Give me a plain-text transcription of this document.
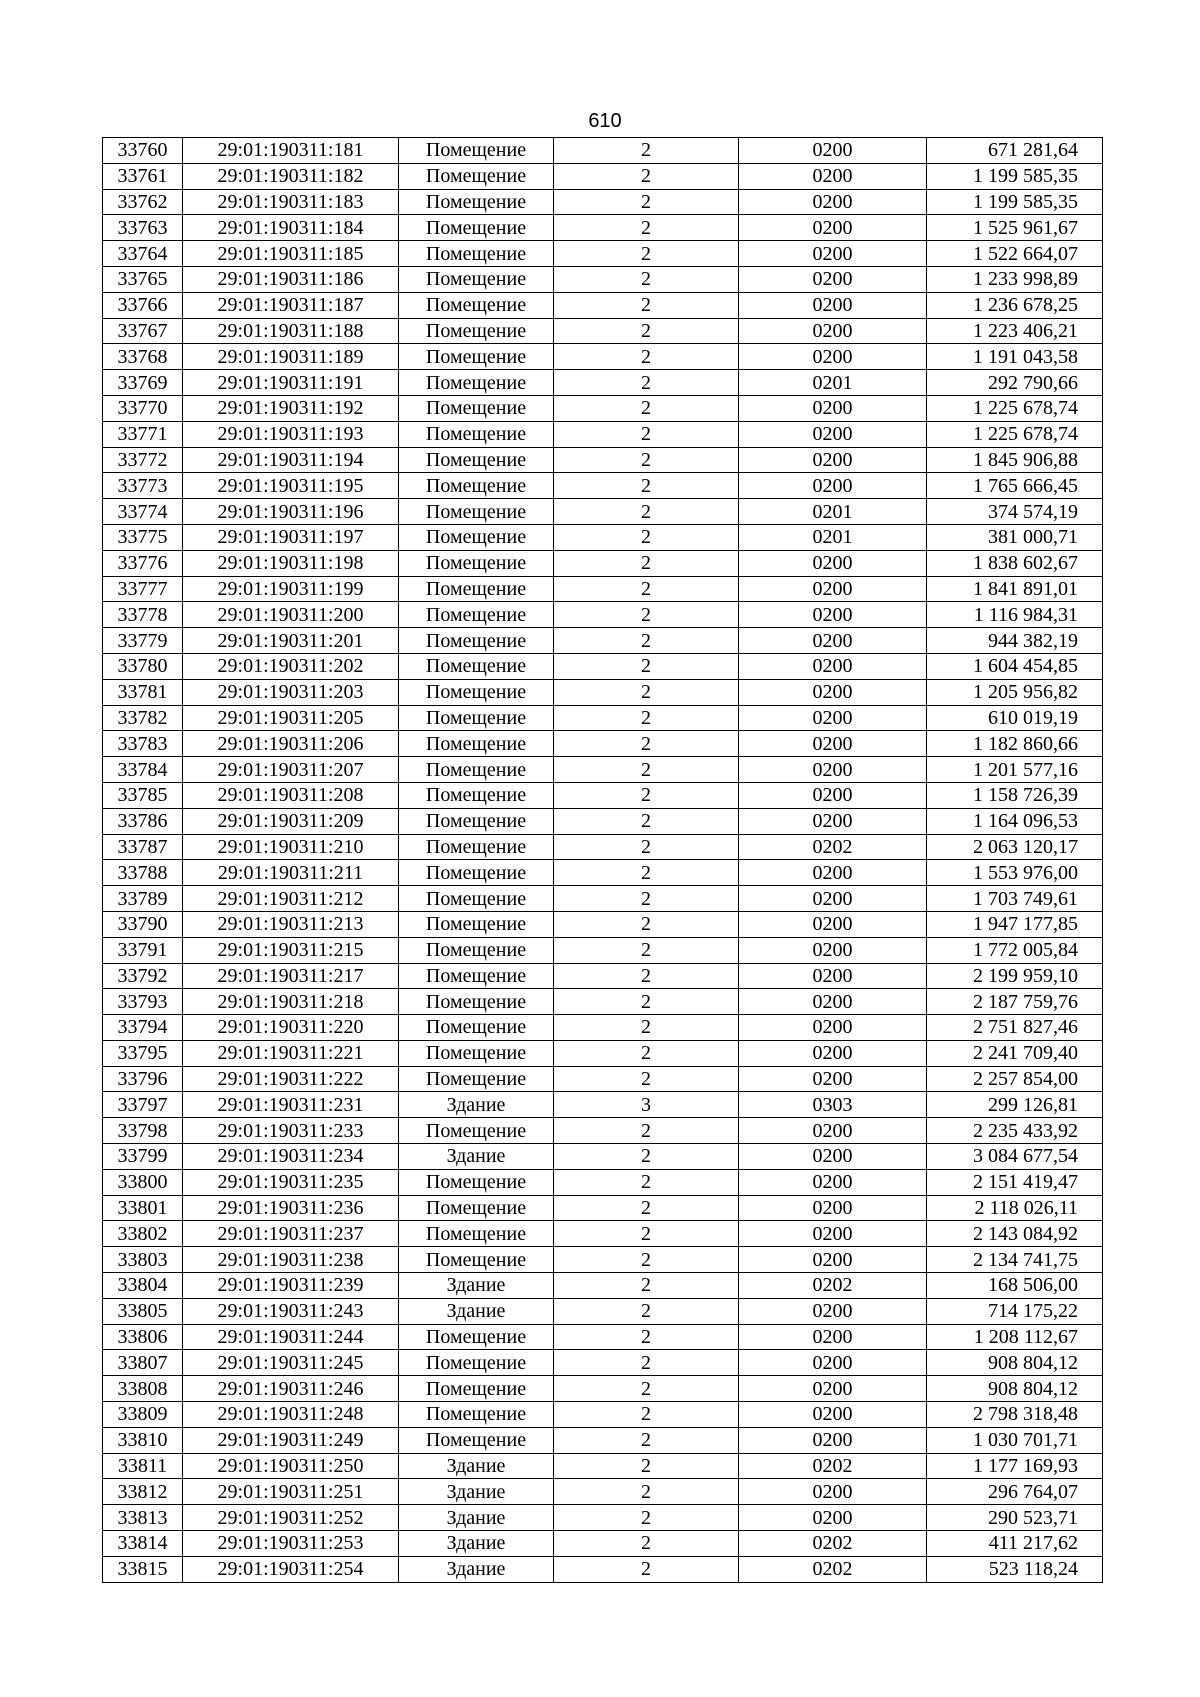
610
33760	29:01:190311:181	Помещение	2	0200	671 281,64
33761	29:01:190311:182	Помещение	2	0200	1 199 585,35
33762	29:01:190311:183	Помещение	2	0200	1 199 585,35
33763	29:01:190311:184	Помещение	2	0200	1 525 961,67
33764	29:01:190311:185	Помещение	2	0200	1 522 664,07
33765	29:01:190311:186	Помещение	2	0200	1 233 998,89
33766	29:01:190311:187	Помещение	2	0200	1 236 678,25
33767	29:01:190311:188	Помещение	2	0200	1 223 406,21
33768	29:01:190311:189	Помещение	2	0200	1 191 043,58
33769	29:01:190311:191	Помещение	2	0201	292 790,66
33770	29:01:190311:192	Помещение	2	0200	1 225 678,74
33771	29:01:190311:193	Помещение	2	0200	1 225 678,74
33772	29:01:190311:194	Помещение	2	0200	1 845 906,88
33773	29:01:190311:195	Помещение	2	0200	1 765 666,45
33774	29:01:190311:196	Помещение	2	0201	374 574,19
33775	29:01:190311:197	Помещение	2	0201	381 000,71
33776	29:01:190311:198	Помещение	2	0200	1 838 602,67
33777	29:01:190311:199	Помещение	2	0200	1 841 891,01
33778	29:01:190311:200	Помещение	2	0200	1 116 984,31
33779	29:01:190311:201	Помещение	2	0200	944 382,19
33780	29:01:190311:202	Помещение	2	0200	1 604 454,85
33781	29:01:190311:203	Помещение	2	0200	1 205 956,82
33782	29:01:190311:205	Помещение	2	0200	610 019,19
33783	29:01:190311:206	Помещение	2	0200	1 182 860,66
33784	29:01:190311:207	Помещение	2	0200	1 201 577,16
33785	29:01:190311:208	Помещение	2	0200	1 158 726,39
33786	29:01:190311:209	Помещение	2	0200	1 164 096,53
33787	29:01:190311:210	Помещение	2	0202	2 063 120,17
33788	29:01:190311:211	Помещение	2	0200	1 553 976,00
33789	29:01:190311:212	Помещение	2	0200	1 703 749,61
33790	29:01:190311:213	Помещение	2	0200	1 947 177,85
33791	29:01:190311:215	Помещение	2	0200	1 772 005,84
33792	29:01:190311:217	Помещение	2	0200	2 199 959,10
33793	29:01:190311:218	Помещение	2	0200	2 187 759,76
33794	29:01:190311:220	Помещение	2	0200	2 751 827,46
33795	29:01:190311:221	Помещение	2	0200	2 241 709,40
33796	29:01:190311:222	Помещение	2	0200	2 257 854,00
33797	29:01:190311:231	Здание	3	0303	299 126,81
33798	29:01:190311:233	Помещение	2	0200	2 235 433,92
33799	29:01:190311:234	Здание	2	0200	3 084 677,54
33800	29:01:190311:235	Помещение	2	0200	2 151 419,47
33801	29:01:190311:236	Помещение	2	0200	2 118 026,11
33802	29:01:190311:237	Помещение	2	0200	2 143 084,92
33803	29:01:190311:238	Помещение	2	0200	2 134 741,75
33804	29:01:190311:239	Здание	2	0202	168 506,00
33805	29:01:190311:243	Здание	2	0200	714 175,22
33806	29:01:190311:244	Помещение	2	0200	1 208 112,67
33807	29:01:190311:245	Помещение	2	0200	908 804,12
33808	29:01:190311:246	Помещение	2	0200	908 804,12
33809	29:01:190311:248	Помещение	2	0200	2 798 318,48
33810	29:01:190311:249	Помещение	2	0200	1 030 701,71
33811	29:01:190311:250	Здание	2	0202	1 177 169,93
33812	29:01:190311:251	Здание	2	0200	296 764,07
33813	29:01:190311:252	Здание	2	0200	290 523,71
33814	29:01:190311:253	Здание	2	0202	411 217,62
33815	29:01:190311:254	Здание	2	0202	523 118,24
